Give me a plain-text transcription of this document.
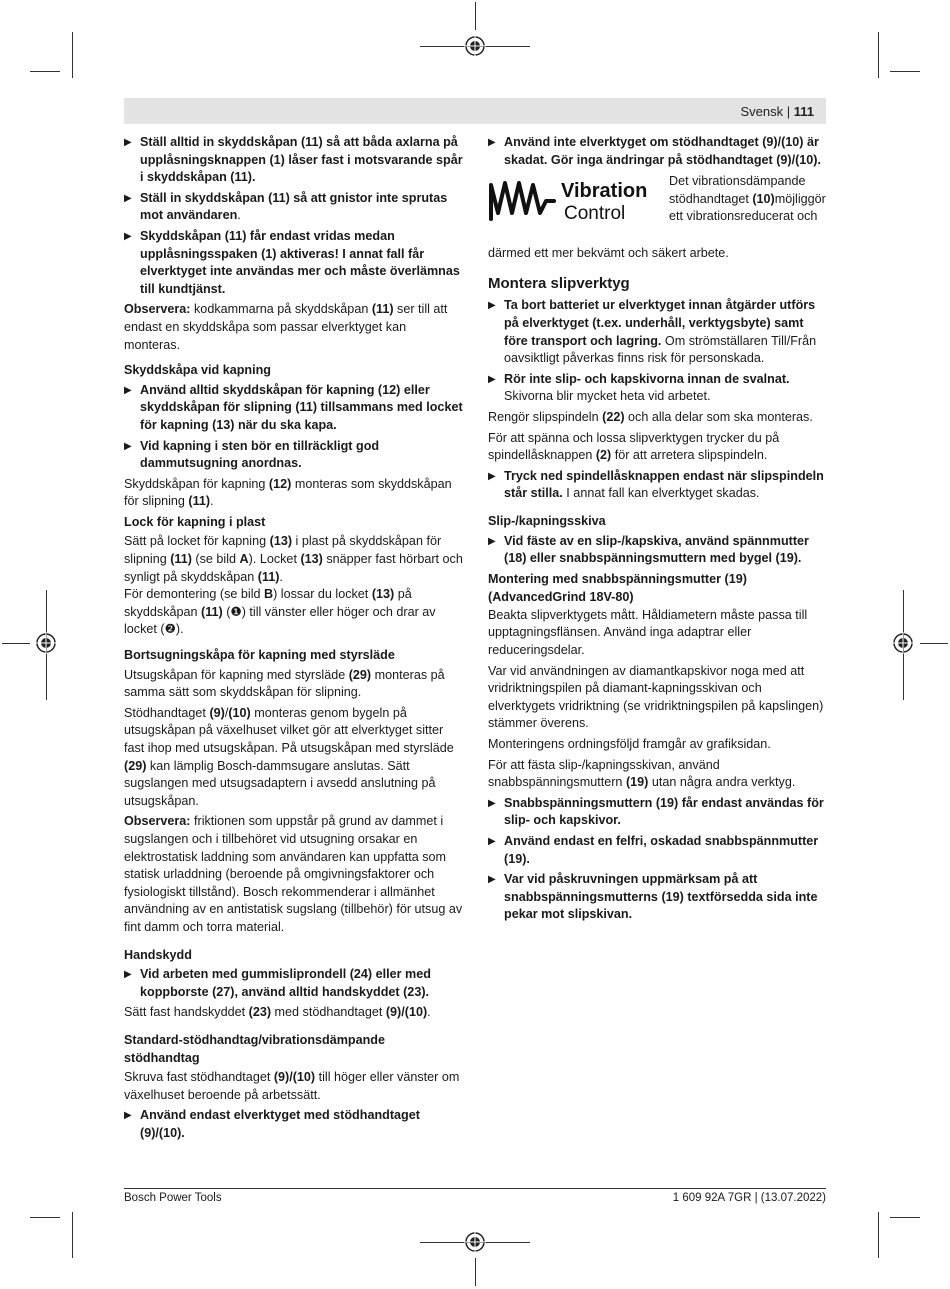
Svensk | 111
▶ Ställ alltid in skyddskåpan (11) så att båda axlarna på upplåsningsknappen (1) låser fast i motsvarande spår i skyddskåpan (11).
▶ Ställ in skyddskåpan (11) så att gnistor inte sprutas mot användaren.
▶ Skyddskåpan (11) får endast vridas medan upplåsningsspaken (1) aktiveras! I annat fall får elverktyget inte användas mer och måste överlämnas till kundtjänst.

Observera: kodkammarna på skyddskåpan (11) ser till att endast en skyddskåpa som passar elverktyget kan monteras.

Skyddskåpa vid kapning
▶ Använd alltid skyddskåpan för kapning (12) eller skyddskåpan för slipning (11) tillsammans med locket för kapning (13) när du ska kapa.
▶ Vid kapning i sten bör en tillräckligt god dammutsugning anordnas.

Skyddskåpan för kapning (12) monteras som skyddskåpan för slipning (11).

Lock för kapning i plast

Sätt på locket för kapning (13) i plast på skyddskåpan för slipning (11) (se bild A). Locket (13) snäpper fast hörbart och synligt på skyddskåpan (11).

För demontering (se bild B) lossar du locket (13) på skyddskåpan (11) (❶) till vänster eller höger och drar av locket (❷).

Bortsugningskåpa för kapning med styrsläde

Utsugskåpan för kapning med styrsläde (29) monteras på samma sätt som skyddskåpan för slipning.

Stödhandtaget (9)/(10) monteras genom bygeln på utsugskåpan på växelhuset vilket gör att elverktyget sitter fast ihop med utsugskåpan. På utsugskåpan med styrsläde (29) kan lämplig Bosch-dammsugare anslutas. Sätt sugslangen med utsugsadaptern i avsedd anslutning på utsugskåpan.

Observera: friktionen som uppstår på grund av dammet i sugslangen och i tillbehöret vid utsugning orsakar en elektrostatisk laddning som användaren kan uppfatta som statisk urladdning (beroende på omgivningsfaktorer och fysiologiskt tillstånd). Bosch rekommenderar i allmänhet användning av en antistatisk sugslang (tillbehör) för utsug av fint damm och torra material.

Handskydd
▶ Vid arbeten med gummisliprondell (24) eller med koppborste (27), använd alltid handskyddet (23).

Sätt fast handskyddet (23) med stödhandtaget (9)/(10).

Standard-stödhandtag/vibrationsdämpande stödhandtag

Skruva fast stödhandtaget (9)/(10) till höger eller vänster om växelhuset beroende på arbetssätt.

▶ Använd endast elverktyget med stödhandtaget (9)/(10).
▶ Använd inte elverktyget om stödhandtaget (9)/(10) är skadat. Gör inga ändringar på stödhandtaget (9)/(10).
Vibration
Control
Det vibrationsdämpande stödhandtaget (10)möjliggör ett vibrationsreducerat och

därmed ett mer bekvämt och säkert arbete.

Montera slipverktyg
▶ Ta bort batteriet ur elverktyget innan åtgärder utförs på elverktyget (t.ex. underhåll, verktygsbyte) samt före transport och lagring. Om strömställaren Till/Från oavsiktligt påverkas finns risk för personskada.
▶ Rör inte slip- och kapskivorna innan de svalnat.
Skivorna blir mycket heta vid arbetet.

Rengör slipspindeln (22) och alla delar som ska monteras.

För att spänna och lossa slipverktygen trycker du på spindellåsknappen (2) för att arretera slipspindeln.

▶ Tryck ned spindellåsknappen endast när slipspindeln står stilla. I annat fall kan elverktyget skadas.
Slip-/kapningsskiva
▶ Vid fäste av en slip-/kapskiva, använd spännmutter (18) eller snabbspänningsmuttern med bygel (19).
Montering med snabbspänningsmutter (19)
(AdvancedGrind 18V-80)

Beakta slipverktygets mått. Håldiametern måste passa till upptagningsflänsen. Använd inga adaptrar eller reduceringsdelar.

Var vid användningen av diamantkapskivor noga med att vridriktningspilen på diamant-kapningsskivan och elverktygets vridriktning (se vridriktningspilen på kapslingen) stämmer överens.

Monteringens ordningsföljd framgår av grafiksidan.

För att fästa slip-/kapningsskivan, använd snabbspänningsmuttern (19) utan några andra verktyg.

▶ Snabbspänningsmuttern (19) får endast användas för slip- och kapskivor.
▶ Använd endast en felfri, oskadad snabbspännmutter (19).
▶ Var vid påskruvningen uppmärksam på att snabbspänningsmutterns (19) textförsedda sida inte pekar mot slipskivan.
Bosch Power Tools	1 609 92A 7GR | (13.07.2022)
